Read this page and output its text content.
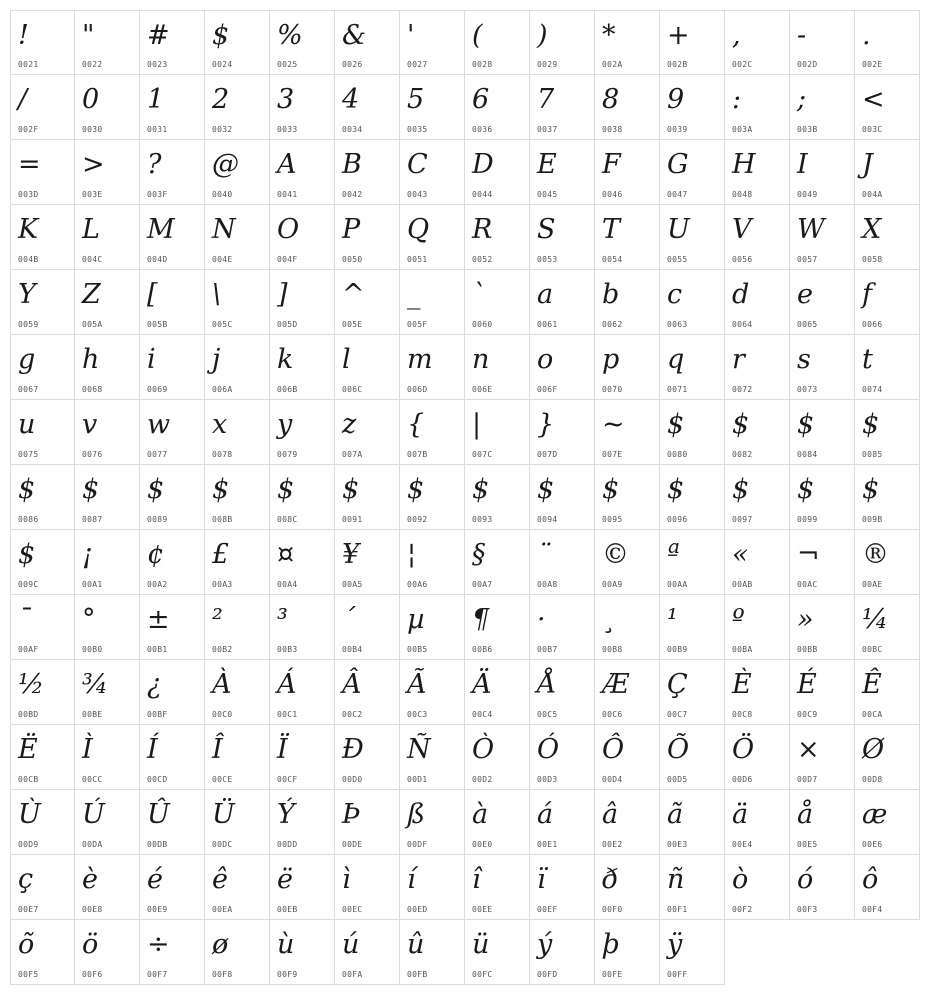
!
0021
"
0022
#
0023
$
0024
%
0025
&
0026
'
0027
(
0028
)
0029
*
002A
+
002B
,
002C
-
002D
.
002E
/
002F
0
0030
1
0031
2
0032
3
0033
4
0034
5
0035
6
0036
7
0037
8
0038
9
0039
:
003A
;
003B
<
003C
=
003D
>
003E
?
003F
@
0040
A
0041
B
0042
C
0043
D
0044
E
0045
F
0046
G
0047
H
0048
I
0049
J
004A
K
004B
L
004C
M
004D
N
004E
O
004F
P
0050
Q
0051
R
0052
S
0053
T
0054
U
0055
V
0056
W
0057
X
0058
Y
0059
Z
005A
[
005B
\
005C
]
005D
^
005E
_
005F
`
0060
a
0061
b
0062
c
0063
d
0064
e
0065
f
0066
g
0067
h
0068
i
0069
j
006A
k
006B
l
006C
m
006D
n
006E
o
006F
p
0070
q
0071
r
0072
s
0073
t
0074
u
0075
v
0076
w
0077
x
0078
y
0079
z
007A
{
007B
|
007C
}
007D
~
007E
$
0080
$
0082
$
0084
$
0085
$
0086
$
0087
$
0089
$
008B
$
008C
$
0091
$
0092
$
0093
$
0094
$
0095
$
0096
$
0097
$
0099
$
009B
$
009C
¡
00A1
¢
00A2
£
00A3
¤
00A4
¥
00A5
¦
00A6
§
00A7
¨
00A8
©
00A9
ª
00AA
«
00AB
¬
00AC
®
00AE
¯
00AF
°
00B0
±
00B1
²
00B2
³
00B3
´
00B4
µ
00B5
¶
00B6
·
00B7
¸
00B8
¹
00B9
º
00BA
»
00BB
¼
00BC
½
00BD
¾
00BE
¿
00BF
À
00C0
Á
00C1
Â
00C2
Ã
00C3
Ä
00C4
Å
00C5
Æ
00C6
Ç
00C7
È
00C8
É
00C9
Ê
00CA
Ë
00CB
Ì
00CC
Í
00CD
Î
00CE
Ï
00CF
Ð
00D0
Ñ
00D1
Ò
00D2
Ó
00D3
Ô
00D4
Õ
00D5
Ö
00D6
×
00D7
Ø
00D8
Ù
00D9
Ú
00DA
Û
00DB
Ü
00DC
Ý
00DD
Þ
00DE
ß
00DF
à
00E0
á
00E1
â
00E2
ã
00E3
ä
00E4
å
00E5
æ
00E6
ç
00E7
è
00E8
é
00E9
ê
00EA
ë
00EB
ì
00EC
í
00ED
î
00EE
ï
00EF
ð
00F0
ñ
00F1
ò
00F2
ó
00F3
ô
00F4
õ
00F5
ö
00F6
÷
00F7
ø
00F8
ù
00F9
ú
00FA
û
00FB
ü
00FC
ý
00FD
þ
00FE
ÿ
00FF
